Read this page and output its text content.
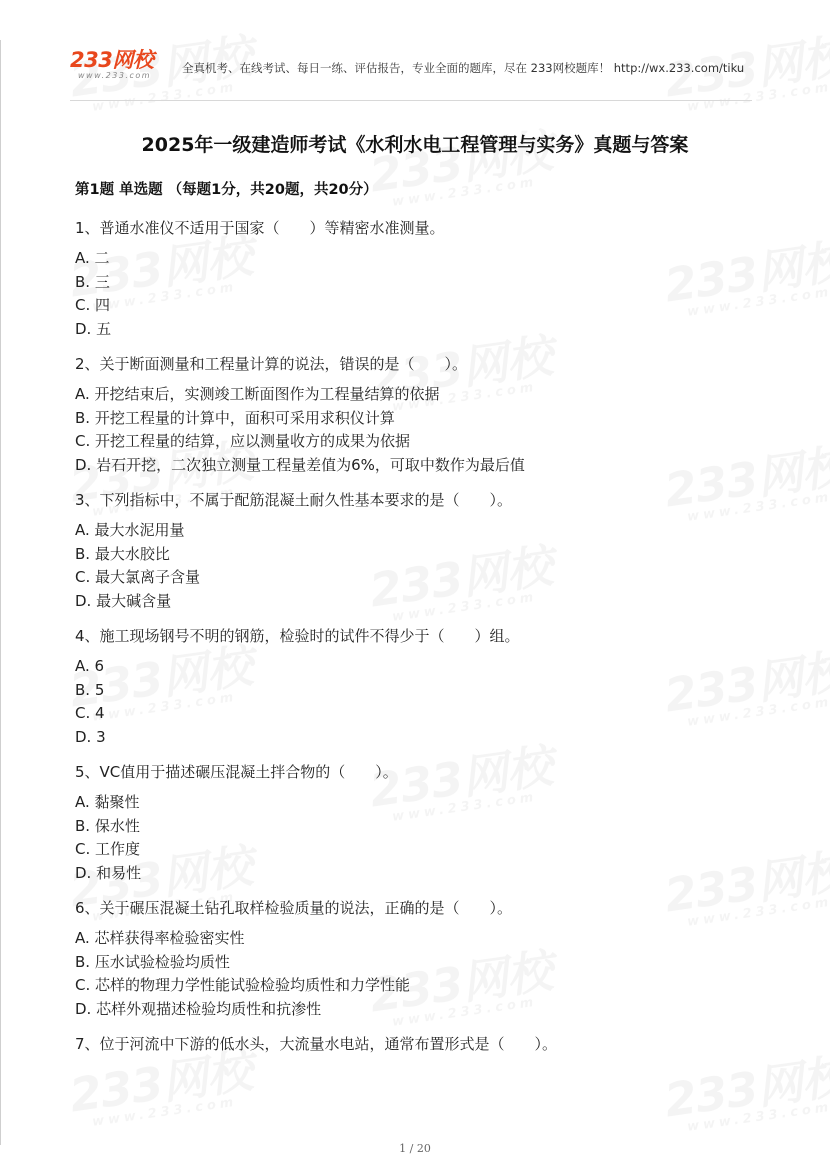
233网校
www.233.com
全真机考、在线考试、每日一练、评估报告，专业全面的题库，尽在 233网校题库！ http://wx.233.com/tiku
2025年一级建造师考试《水利水电工程管理与实务》真题与答案
第1题 单选题 （每题1分，共20题，共20分）

1、普通水准仪不适用于国家（　　）等精密水准测量。

A. 二
B. 三
C. 四
D. 五

2、关于断面测量和工程量计算的说法，错误的是（　　）。

A. 开挖结束后，实测竣工断面图作为工程量结算的依据
B. 开挖工程量的计算中，面积可采用求积仪计算
C. 开挖工程量的结算，应以测量收方的成果为依据
D. 岩石开挖，二次独立测量工程量差值为6%，可取中数作为最后值

3、下列指标中，不属于配筋混凝土耐久性基本要求的是（　　）。

A. 最大水泥用量
B. 最大水胶比
C. 最大氯离子含量
D. 最大碱含量

4、施工现场钢号不明的钢筋，检验时的试件不得少于（　　）组。

A. 6
B. 5
C. 4
D. 3

5、VC值用于描述碾压混凝土拌合物的（　　）。

A. 黏聚性
B. 保水性
C. 工作度
D. 和易性

6、关于碾压混凝土钻孔取样检验质量的说法，正确的是（　　）。

A. 芯样获得率检验密实性
B. 压水试验检验均质性
C. 芯样的物理力学性能试验检验均质性和力学性能
D. 芯样外观描述检验均质性和抗渗性

7、位于河流中下游的低水头，大流量水电站，通常布置形式是（　　）。

1 / 20
